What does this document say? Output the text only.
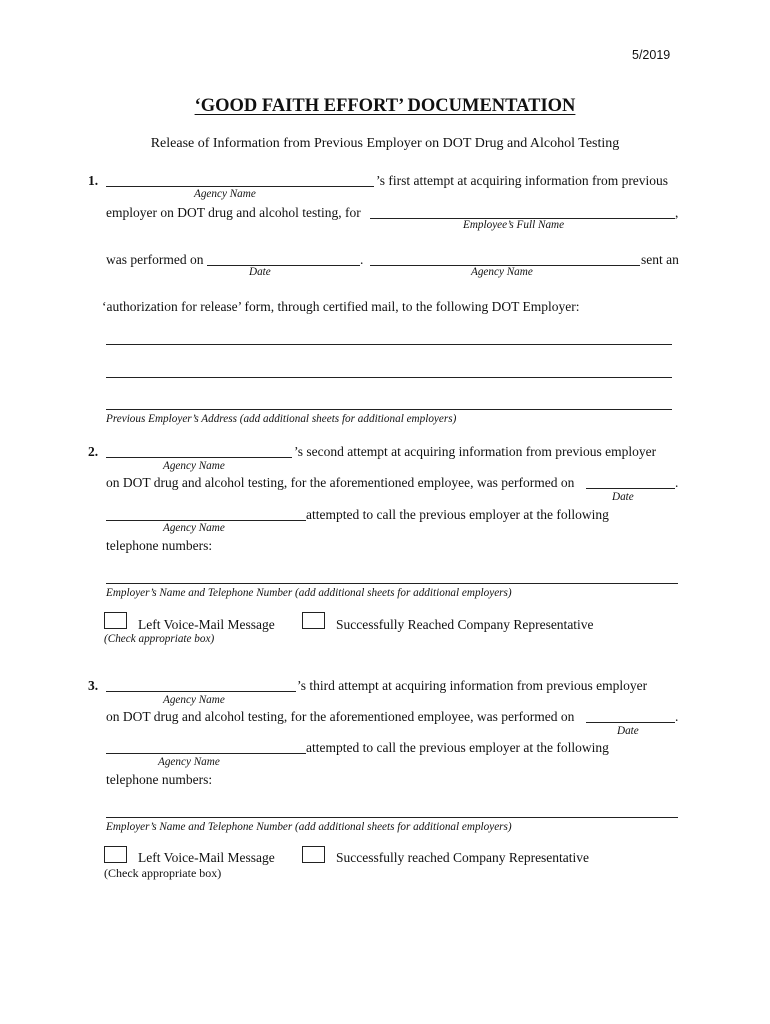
5/2019
‘GOOD FAITH EFFORT’ DOCUMENTATION
Release of Information from Previous Employer on DOT Drug and Alcohol Testing
1.	’s first attempt at acquiring information from previous
Agency Name
employer on DOT drug and alcohol testing, for	,
Employee’s Full Name
was performed on	.	sent an
Date	Agency Name
‘authorization for release’ form, through certified mail, to the following DOT Employer:
Previous Employer’s Address (add additional sheets for additional employers)
2.	’s second attempt at acquiring information from previous employer
Agency Name
on DOT drug and alcohol testing, for the aforementioned employee, was performed on	.
Date
attempted to call the previous employer at the following
Agency Name
telephone numbers:
Employer’s Name and Telephone Number (add additional sheets for additional employers)
Left Voice-Mail Message	Successfully Reached Company Representative
(Check appropriate box)
3.	’s third attempt at acquiring information from previous employer
Agency Name
on DOT drug and alcohol testing, for the aforementioned employee, was performed on	.
Date
attempted to call the previous employer at the following
Agency Name
telephone numbers:
Employer’s Name and Telephone Number (add additional sheets for additional employers)
Left Voice-Mail Message	Successfully reached Company Representative
(Check appropriate box)
